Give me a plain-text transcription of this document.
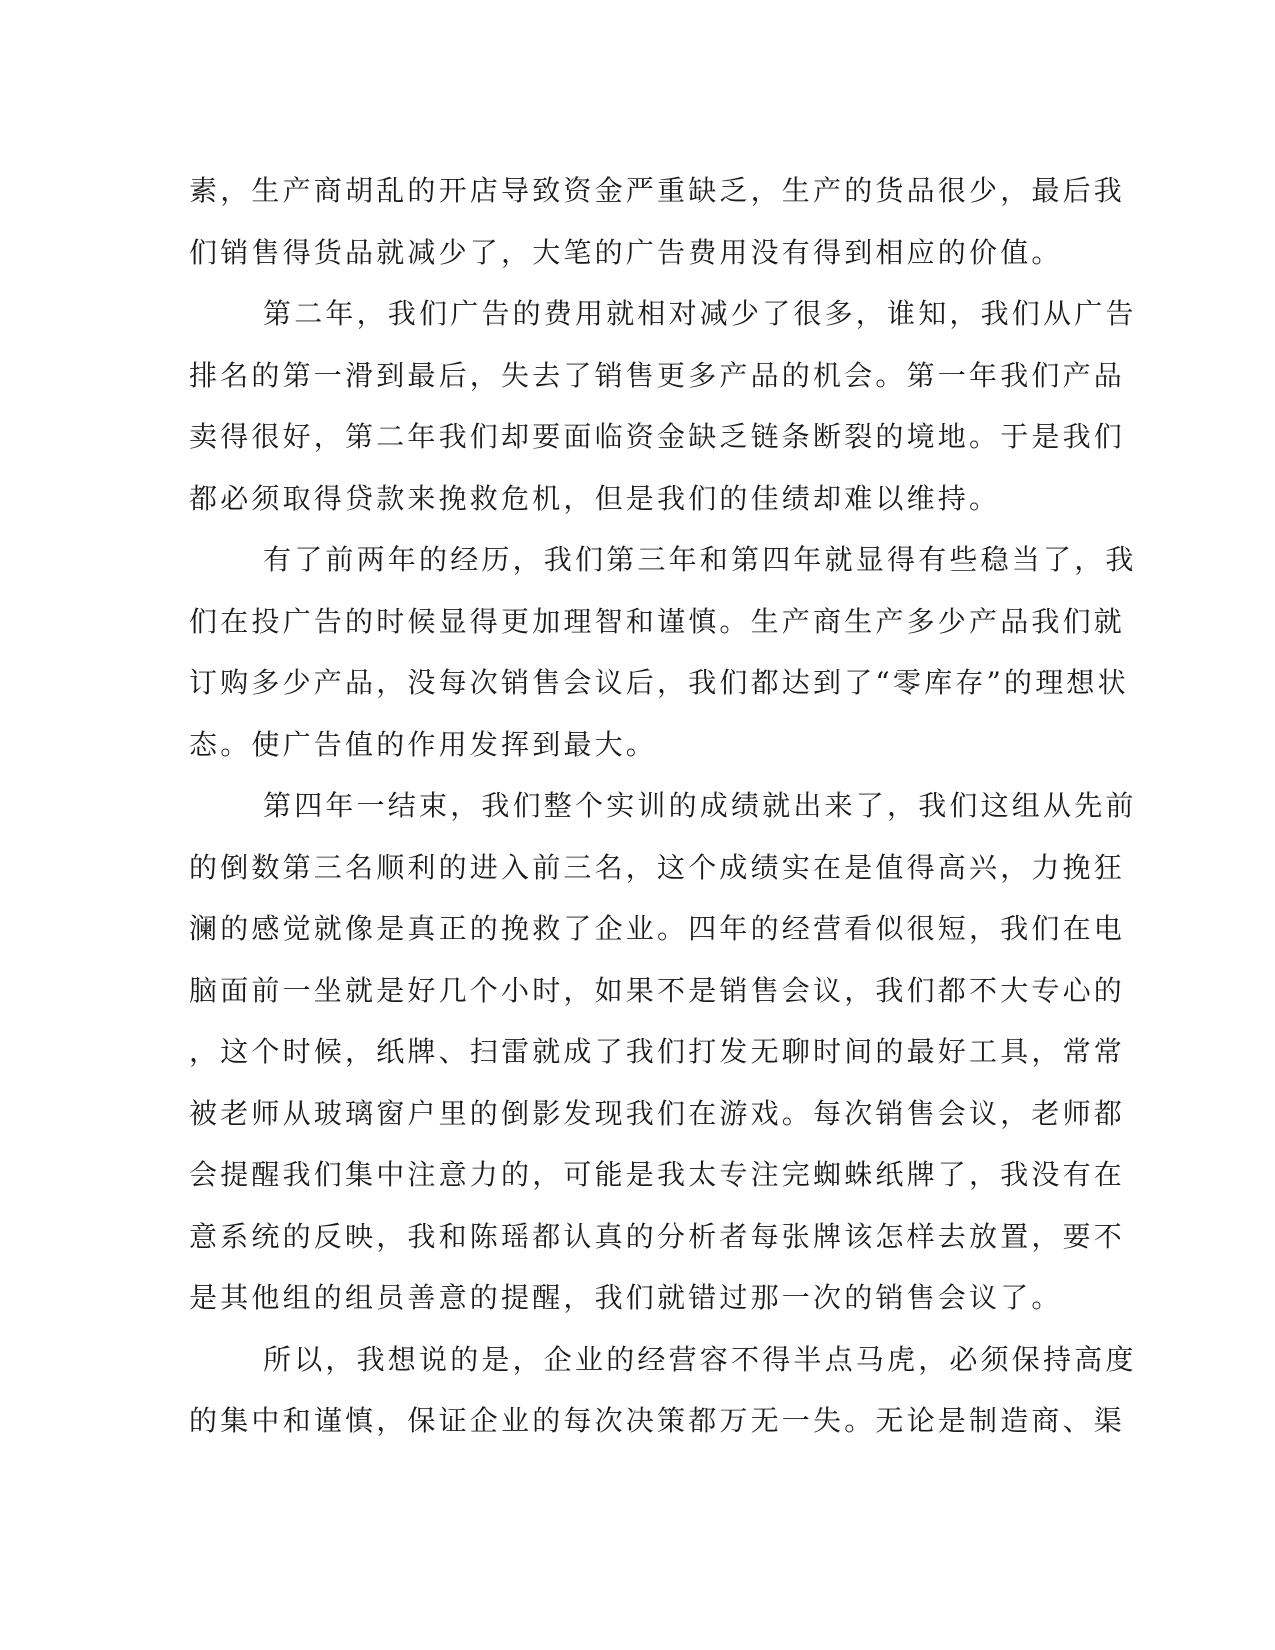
素，生产商胡乱的开店导致资金严重缺乏，生产的货品很少，最后我
们销售得货品就减少了，大笔的广告费用没有得到相应的价值。
第二年，我们广告的费用就相对减少了很多，谁知，我们从广告
排名的第一滑到最后，失去了销售更多产品的机会。第一年我们产品
卖得很好，第二年我们却要面临资金缺乏链条断裂的境地。于是我们
都必须取得贷款来挽救危机，但是我们的佳绩却难以维持。
有了前两年的经历，我们第三年和第四年就显得有些稳当了，我
们在投广告的时候显得更加理智和谨慎。生产商生产多少产品我们就
订购多少产品，没每次销售会议后，我们都达到了“零库存”的理想状
态。使广告值的作用发挥到最大。
第四年一结束，我们整个实训的成绩就出来了，我们这组从先前
的倒数第三名顺利的进入前三名，这个成绩实在是值得高兴，力挽狂
澜的感觉就像是真正的挽救了企业。四年的经营看似很短，我们在电
脑面前一坐就是好几个小时，如果不是销售会议，我们都不大专心的
，这个时候，纸牌、扫雷就成了我们打发无聊时间的最好工具，常常
被老师从玻璃窗户里的倒影发现我们在游戏。每次销售会议，老师都
会提醒我们集中注意力的，可能是我太专注完蜘蛛纸牌了，我没有在
意系统的反映，我和陈瑶都认真的分析者每张牌该怎样去放置，要不
是其他组的组员善意的提醒，我们就错过那一次的销售会议了。
所以，我想说的是，企业的经营容不得半点马虎，必须保持高度
的集中和谨慎，保证企业的每次决策都万无一失。无论是制造商、渠
